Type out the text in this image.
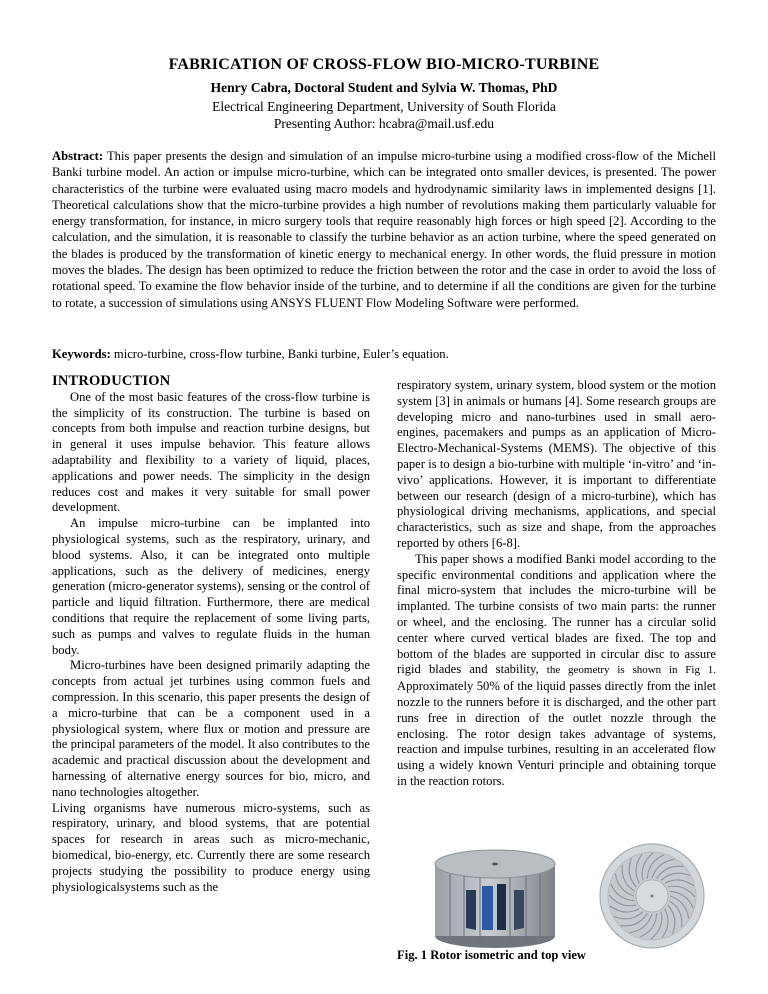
FABRICATION OF CROSS-FLOW BIO-MICRO-TURBINE
Henry Cabra, Doctoral Student and Sylvia W. Thomas, PhD
Electrical Engineering Department, University of South Florida
Presenting Author: hcabra@mail.usf.edu
Abstract: This paper presents the design and simulation of an impulse micro-turbine using a modified cross-flow of the Michell Banki turbine model. An action or impulse micro-turbine, which can be integrated onto smaller devices, is presented. The power characteristics of the turbine were evaluated using macro models and hydrodynamic similarity laws in implemented designs [1]. Theoretical calculations show that the micro-turbine provides a high number of revolutions making them particularly valuable for energy transformation, for instance, in micro surgery tools that require reasonably high forces or high speed [2]. According to the calculation, and the simulation, it is reasonable to classify the turbine behavior as an action turbine, where the speed generated on the blades is produced by the transformation of kinetic energy to mechanical energy. In other words, the fluid pressure in motion moves the blades. The design has been optimized to reduce the friction between the rotor and the case in order to avoid the loss of rotational speed. To examine the flow behavior inside of the turbine, and to determine if all the conditions are given for the turbine to rotate, a succession of simulations using ANSYS FLUENT Flow Modeling Software were performed.
Keywords: micro-turbine, cross-flow turbine, Banki turbine, Euler’s equation.
INTRODUCTION

One of the most basic features of the cross-flow turbine is the simplicity of its construction. The turbine is based on concepts from both impulse and reaction turbine designs, but in general it uses impulse behavior. This feature allows adaptability and flexibility to a variety of liquid, places, applications and power needs. The simplicity in the design reduces cost and makes it very suitable for small power development.

An impulse micro-turbine can be implanted into physiological systems, such as the respiratory, urinary, and blood systems. Also, it can be integrated onto multiple applications, such as the delivery of medicines, energy generation (micro-generator systems), sensing or the control of particle and liquid filtration. Furthermore, there are medical conditions that require the replacement of some living parts, such as pumps and valves to regulate fluids in the human body.

Micro-turbines have been designed primarily adapting the concepts from actual jet turbines using common fuels and compression. In this scenario, this paper presents the design of a micro-turbine that can be a component used in a physiological system, where flux or motion and pressure are the principal parameters of the model. It also contributes to the academic and practical discussion about the development and harnessing of alternative energy sources for bio, micro, and nano technologies altogether.

Living organisms have numerous micro-systems, such as respiratory, urinary, and blood systems, that are potential spaces for research in areas such as micro-mechanic, biomedical, bio-energy, etc. Currently there are some research projects studying the possibility to produce energy using physiologicalsystems such as the

respiratory system, urinary system, blood system or the motion system [3] in animals or humans [4]. Some research groups are developing micro and nano-turbines used in small aero-engines, pacemakers and pumps as an application of Micro-Electro-Mechanical-Systems (MEMS). The objective of this paper is to design a bio-turbine with multiple ‘in-vitro’ and ‘in-vivo’ applications. However, it is important to differentiate between our research (design of a micro-turbine), which has physiological driving mechanisms, applications, and special characteristics, such as size and shape, from the approaches reported by others [6-8].

This paper shows a modified Banki model according to the specific environmental conditions and application where the final micro-system that includes the micro-turbine will be implanted. The turbine consists of two main parts: the runner or wheel, and the enclosing. The runner has a circular solid center where curved vertical blades are fixed. The top and bottom of the blades are supported in circular disc to assure rigid blades and stability, the geometry is shown in Fig 1. Approximately 50% of the liquid passes directly from the inlet nozzle to the runners before it is discharged, and the other part runs free in direction of the outlet nozzle through the enclosing. The rotor design takes advantage of systems, reaction and impulse turbines, resulting in an accelerated flow using a widely known Venturi principle and obtaining torque in the reaction rotors.

Fig. 1 Rotor isometric and top view
